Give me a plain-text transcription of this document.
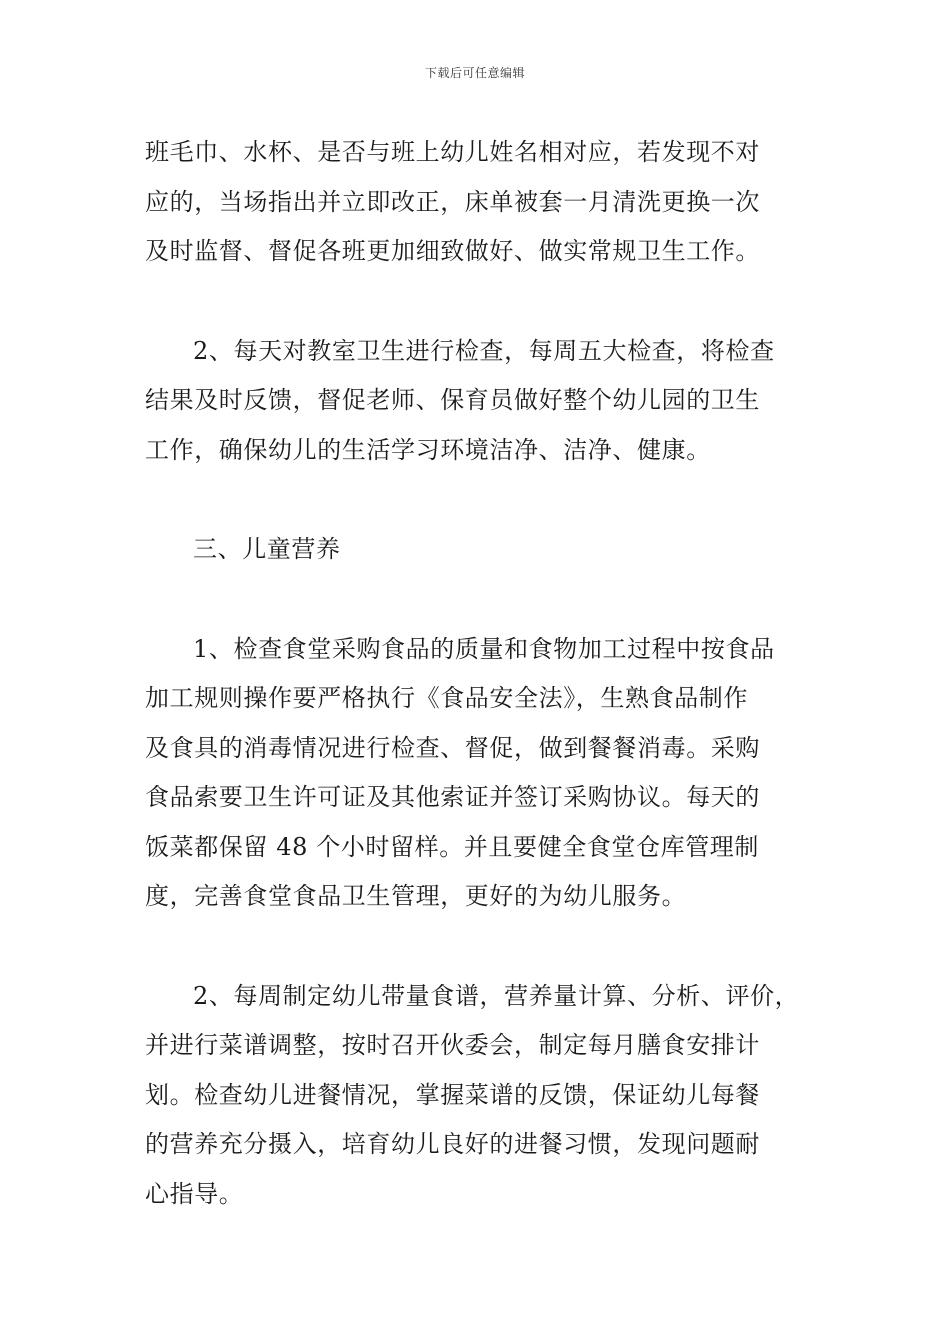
下载后可任意编辑
班毛巾、水杯、是否与班上幼儿姓名相对应，若发现不对
应的，当场指出并立即改正，床单被套一月清洗更换一次
及时监督、督促各班更加细致做好、做实常规卫生工作。
2、每天对教室卫生进行检查，每周五大检查，将检查
结果及时反馈，督促老师、保育员做好整个幼儿园的卫生
工作，确保幼儿的生活学习环境洁净、洁净、健康。
三、儿童营养
1、检查食堂采购食品的质量和食物加工过程中按食品
加工规则操作要严格执行《食品安全法》，生熟食品制作
及食具的消毒情况进行检查、督促，做到餐餐消毒。采购
食品索要卫生许可证及其他索证并签订采购协议。每天的
饭菜都保留 48 个小时留样。并且要健全食堂仓库管理制
度，完善食堂食品卫生管理，更好的为幼儿服务。
2、每周制定幼儿带量食谱，营养量计算、分析、评价，
并进行菜谱调整，按时召开伙委会，制定每月膳食安排计
划。检查幼儿进餐情况，掌握菜谱的反馈，保证幼儿每餐
的营养充分摄入，培育幼儿良好的进餐习惯，发现问题耐
心指导。
